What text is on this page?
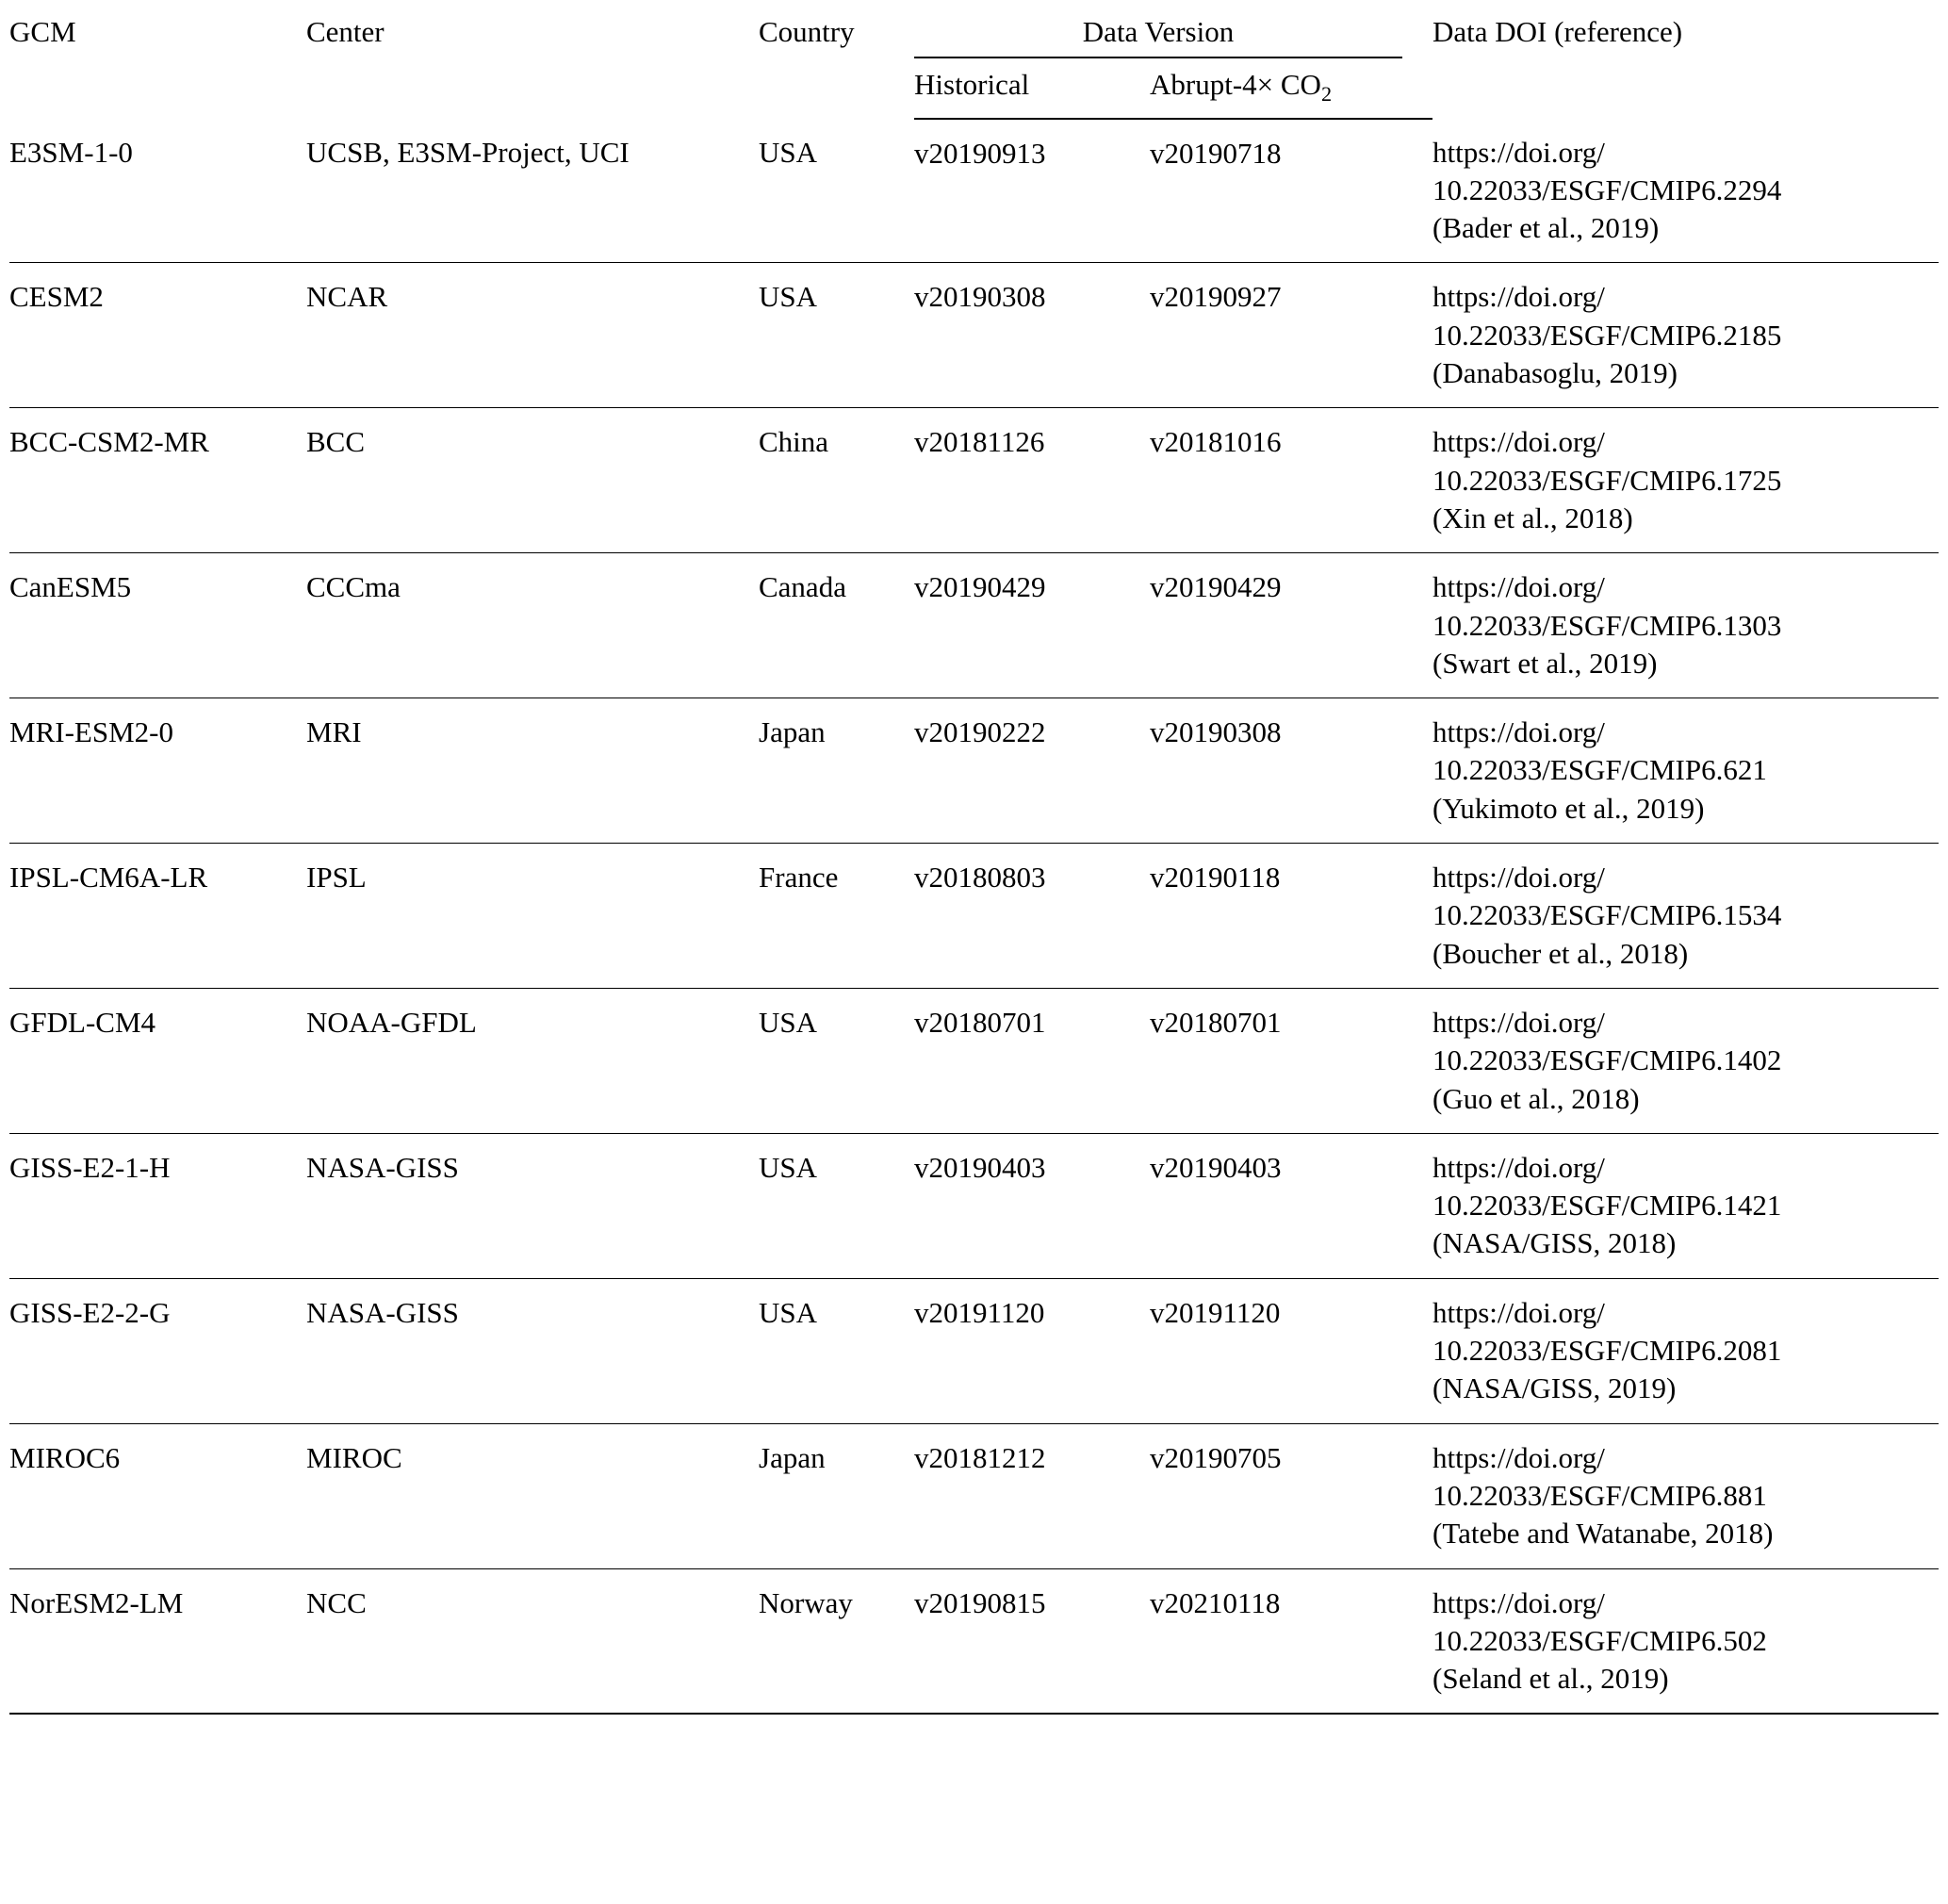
GCM	Center	Country	Data Version		Data DOI (reference)
			Historical	Abrupt-4× $CO_2$
E3SM-1-0	UCSB, E3SM-Project, UCI	USA	v20190913	v20190718	https://doi.org/
10.22033/ESGF/CMIP6.2294
(Bader et al., 2019)

CESM2	NCAR	USA	v20190308	v20190927	https://doi.org/
10.22033/ESGF/CMIP6.2185
(Danabasoglu, 2019)

BCC-CSM2-MR	BCC	China	v20181126	v20181016	https://doi.org/
10.22033/ESGF/CMIP6.1725
(Xin et al., 2018)

CanESM5	CCCma	Canada	v20190429	v20190429	https://doi.org/
10.22033/ESGF/CMIP6.1303
(Swart et al., 2019)

MRI-ESM2-0	MRI	Japan	v20190222	v20190308	https://doi.org/
10.22033/ESGF/CMIP6.621
(Yukimoto et al., 2019)

IPSL-CM6A-LR	IPSL	France	v20180803	v20190118	https://doi.org/
10.22033/ESGF/CMIP6.1534
(Boucher et al., 2018)

GFDL-CM4	NOAA-GFDL	USA	v20180701	v20180701	https://doi.org/
10.22033/ESGF/CMIP6.1402
(Guo et al., 2018)

GISS-E2-1-H	NASA-GISS	USA	v20190403	v20190403	https://doi.org/
10.22033/ESGF/CMIP6.1421
(NASA/GISS, 2018)

GISS-E2-2-G	NASA-GISS	USA	v20191120	v20191120	https://doi.org/
10.22033/ESGF/CMIP6.2081
(NASA/GISS, 2019)

MIROC6	MIROC	Japan	v20181212	v20190705	https://doi.org/
10.22033/ESGF/CMIP6.881
(Tatebe and Watanabe, 2018)

NorESM2-LM	NCC	Norway	v20190815	v20210118	https://doi.org/
10.22033/ESGF/CMIP6.502
(Seland et al., 2019)
